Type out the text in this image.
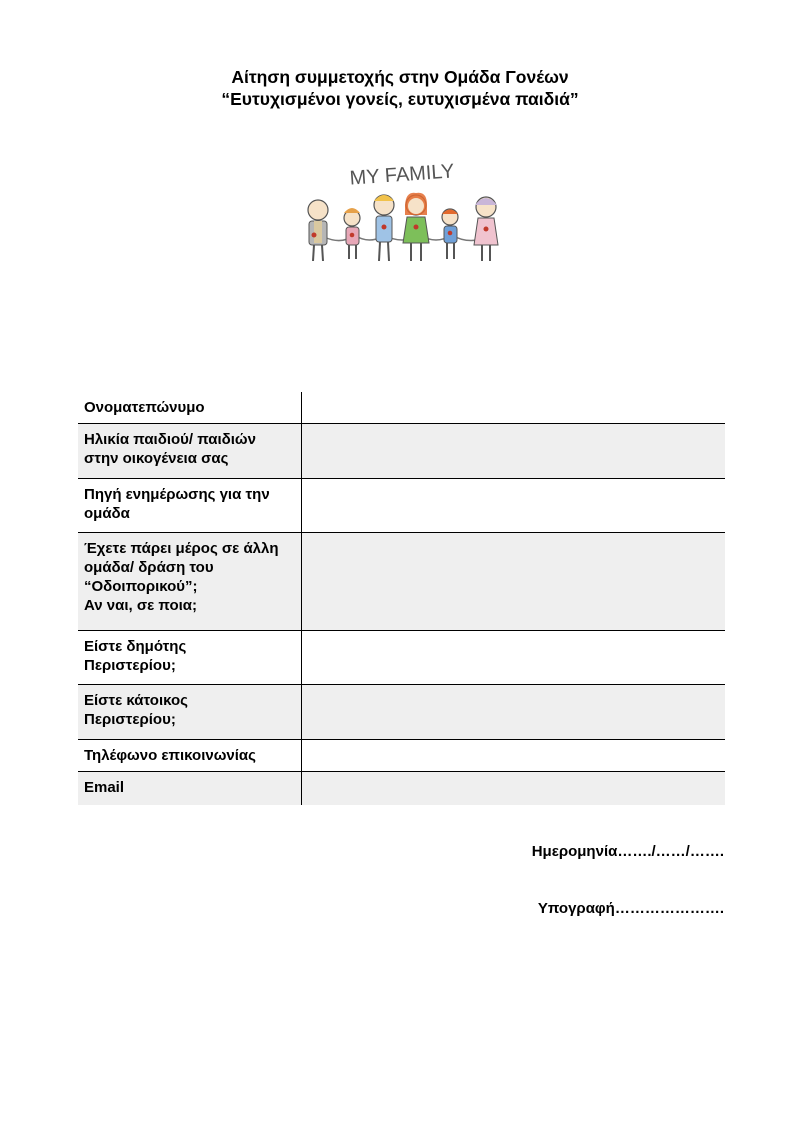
Αίτηση συμμετοχής στην Ομάδα Γονέων
“Ευτυχισμένοι γονείς, ευτυχισμένα παιδιά”
MY FAMILY
Ονοματεπώνυμο	
Ηλικία παιδιού/ παιδιών
στην οικογένεια σας	
Πηγή ενημέρωσης για την
ομάδα	
Έχετε πάρει μέρος σε άλλη
ομάδα/ δράση του
“Οδοιπορικού”;
Αν ναι, σε ποια;	
Είστε δημότης
Περιστερίου;	
Είστε κάτοικος
Περιστερίου;	
Τηλέφωνο επικοινωνίας	
Email	
Ημερομηνία……./……/…….
Υπογραφή………………….
